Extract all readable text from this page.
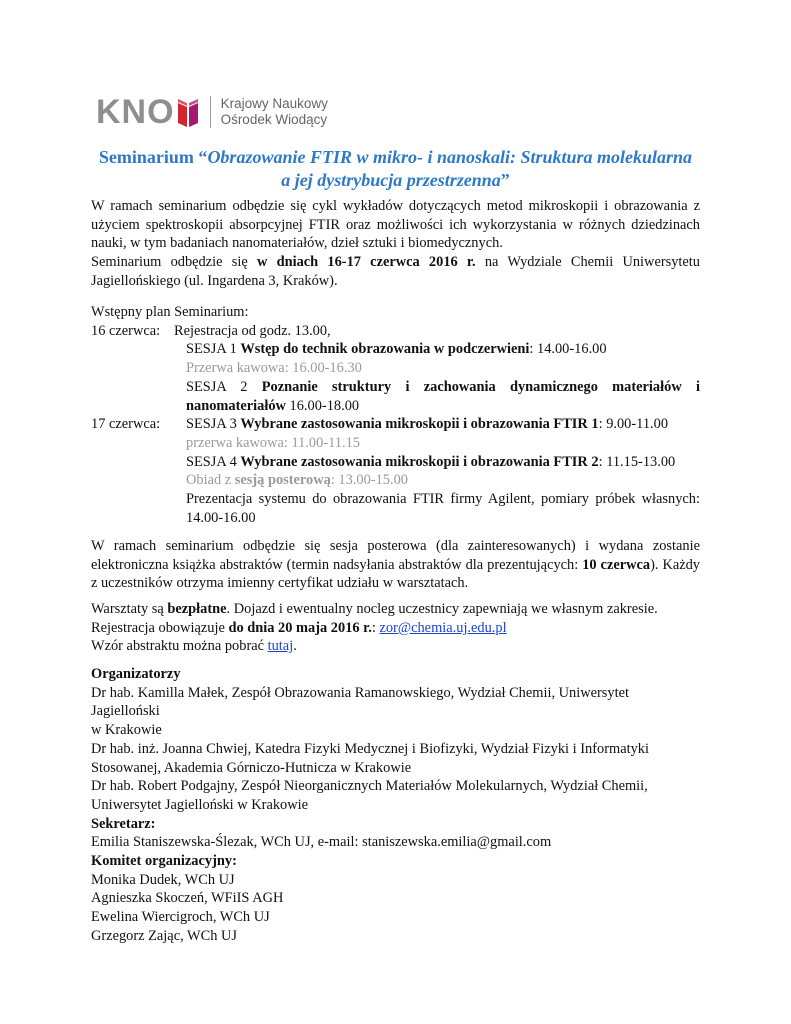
KNO	Krajowy Naukowy
Ośrodek Wiodący
Seminarium “Obrazowanie FTIR w mikro- i nanoskali: Struktura molekularna
a jej dystrybucja przestrzenna”

W ramach seminarium odbędzie się cykl wykładów dotyczących metod mikroskopii i obrazowania z użyciem spektroskopii absorpcyjnej FTIR oraz możliwości ich wykorzystania w różnych dziedzinach nauki, w tym badaniach nanomateriałów, dzieł sztuki i biomedycznych.

Seminarium odbędzie się w dniach 16-17 czerwca 2016 r. na Wydziale Chemii Uniwersytetu Jagiellońskiego (ul. Ingardena 3, Kraków).

Wstępny plan Seminarium:

16 czerwca: Rejestracja od godz. 13.00,
SESJA 1 Wstęp do technik obrazowania w podczerwieni: 14.00-16.00
Przerwa kawowa: 16.00-16.30
SESJA 2 Poznanie struktury i zachowania dynamicznego materiałów i
nanomateriałów 16.00-18.00
17 czerwca: SESJA 3 Wybrane zastosowania mikroskopii i obrazowania FTIR 1: 9.00-11.00
przerwa kawowa: 11.00-11.15
SESJA 4 Wybrane zastosowania mikroskopii i obrazowania FTIR 2: 11.15-13.00
Obiad z sesją posterową: 13.00-15.00
Prezentacja systemu do obrazowania FTIR firmy Agilent, pomiary próbek własnych:
14.00-16.00

W ramach seminarium odbędzie się sesja posterowa (dla zainteresowanych) i wydana zostanie elektroniczna książka abstraktów (termin nadsyłania abstraktów dla prezentujących: 10 czerwca). Każdy z uczestników otrzyma imienny certyfikat udziału w warsztatach.

Warsztaty są bezpłatne. Dojazd i ewentualny nocleg uczestnicy zapewniają we własnym zakresie.

Rejestracja obowiązuje do dnia 20 maja 2016 r.: zor@chemia.uj.edu.pl

Wzór abstraktu można pobrać tutaj.

Organizatorzy

Dr hab. Kamilla Małek, Zespół Obrazowania Ramanowskiego, Wydział Chemii, Uniwersytet Jagielloński

w Krakowie

Dr hab. inż. Joanna Chwiej, Katedra Fizyki Medycznej i Biofizyki, Wydział Fizyki i Informatyki

Stosowanej, Akademia Górniczo-Hutnicza w Krakowie

Dr hab. Robert Podgajny, Zespół Nieorganicznych Materiałów Molekularnych, Wydział Chemii,

Uniwersytet Jagielloński w Krakowie

Sekretarz:

Emilia Staniszewska-Ślezak, WCh UJ, e-mail: staniszewska.emilia@gmail.com

Komitet organizacyjny:

Monika Dudek, WCh UJ

Agnieszka Skoczeń, WFiIS AGH

Ewelina Wiercigroch, WCh UJ

Grzegorz Zając, WCh UJ
